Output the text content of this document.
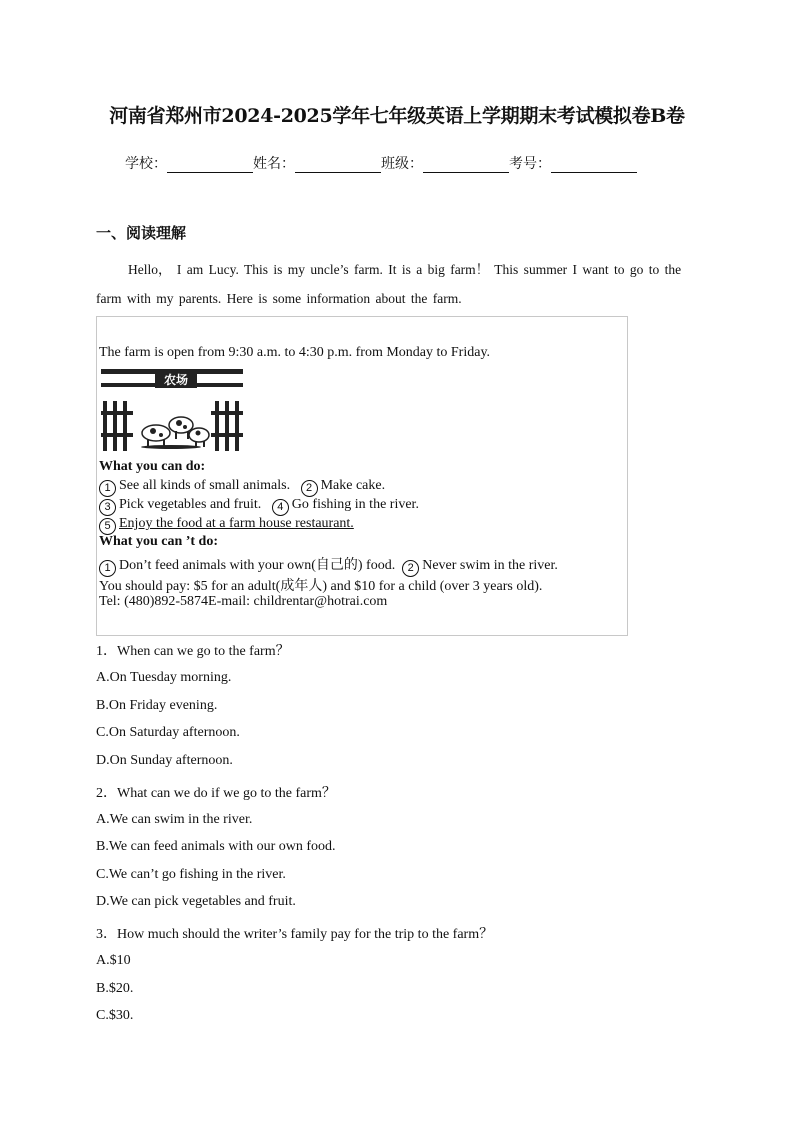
河南省郑州市2024-2025学年七年级英语上学期期末考试模拟卷B卷
学校：	姓名：	班级：	考号：
一、阅读理解
Hello， I am Lucy. This is my uncle’s farm. It is a big farm！ This summer I want to go to the farm with my parents. Here is some information about the farm.
The farm is open from 9:30 a.m. to 4:30 p.m. from Monday to Friday.
农场
What you can do:
1 See all kinds of small animals. 2 Make cake.
3 Pick vegetables and fruit. 4 Go fishing in the river.
5 Enjoy the food at a farm house restaurant.
What you can ’t do:
1 Don’t feed animals with your own(自己的) food. 2 Never swim in the river.
You should pay: $5 for an adult(成年人) and $10 for a child (over 3 years old).
Tel: (480)892-5874E-mail: childrentar@hotrai.com
1．When can we go to the farm？
A.On Tuesday morning.
B.On Friday evening.
C.On Saturday afternoon.
D.On Sunday afternoon.
2．What can we do if we go to the farm？
A.We can swim in the river.
B.We can feed animals with our own food.
C.We can’t go fishing in the river.
D.We can pick vegetables and fruit.
3．How much should the writer’s family pay for the trip to the farm？
A.$10
B.$20.
C.$30.
